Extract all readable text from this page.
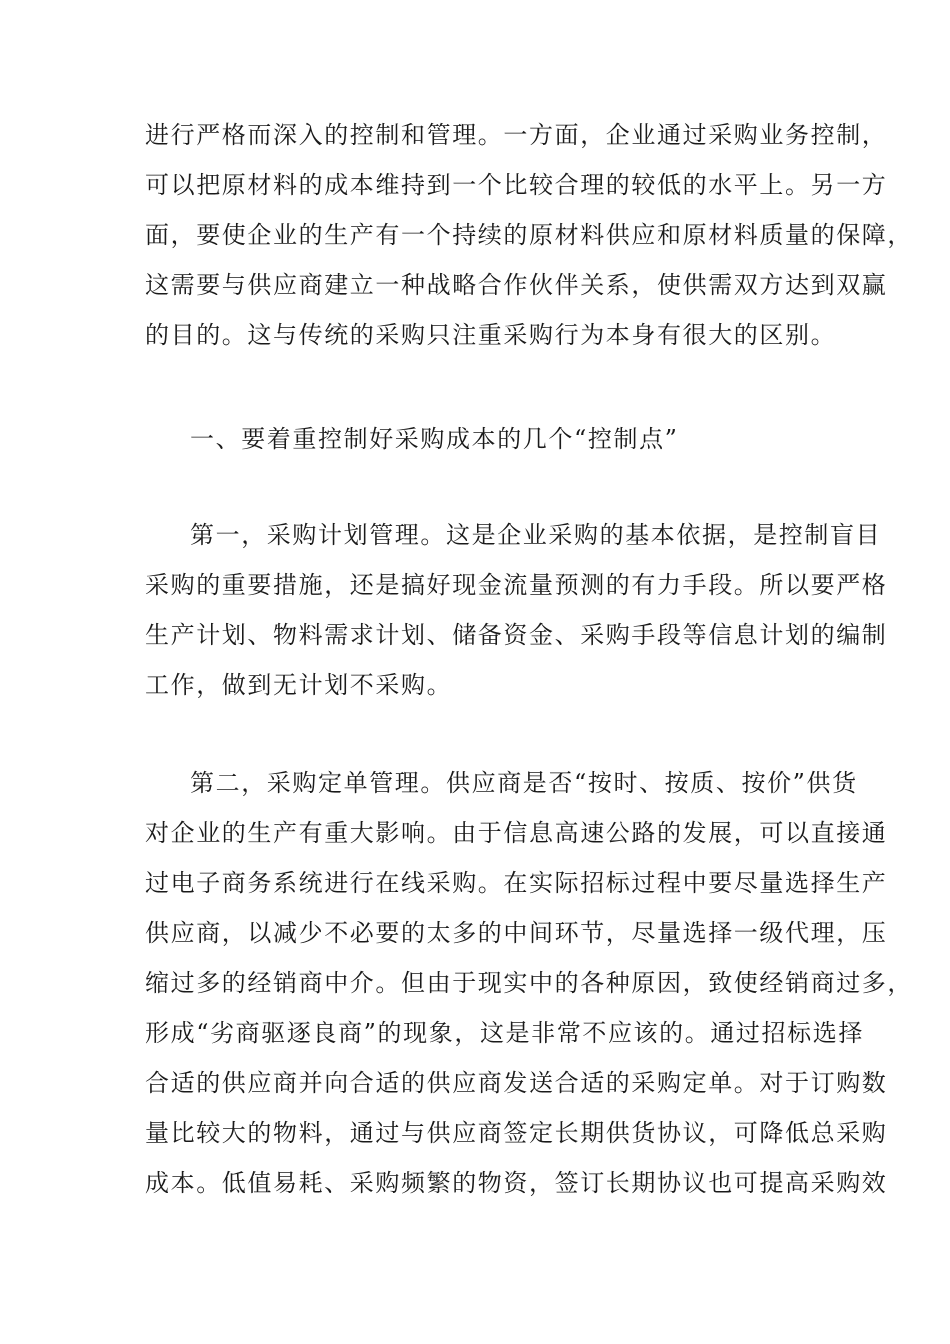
进行严格而深入的控制和管理。一方面，企业通过采购业务控制，
可以把原材料的成本维持到一个比较合理的较低的水平上。另一方
面，要使企业的生产有一个持续的原材料供应和原材料质量的保障，
这需要与供应商建立一种战略合作伙伴关系，使供需双方达到双赢
的目的。这与传统的采购只注重采购行为本身有很大的区别。
一、要着重控制好采购成本的几个“控制点”
第一，采购计划管理。这是企业采购的基本依据，是控制盲目
采购的重要措施，还是搞好现金流量预测的有力手段。所以要严格
生产计划、物料需求计划、储备资金、采购手段等信息计划的编制
工作，做到无计划不采购。
第二，采购定单管理。供应商是否“按时、按质、按价”供货
对企业的生产有重大影响。由于信息高速公路的发展，可以直接通
过电子商务系统进行在线采购。在实际招标过程中要尽量选择生产
供应商，以减少不必要的太多的中间环节，尽量选择一级代理，压
缩过多的经销商中介。但由于现实中的各种原因，致使经销商过多，
形成“劣商驱逐良商”的现象，这是非常不应该的。通过招标选择
合适的供应商并向合适的供应商发送合适的采购定单。对于订购数
量比较大的物料，通过与供应商签定长期供货协议，可降低总采购
成本。低值易耗、采购频繁的物资，签订长期协议也可提高采购效
